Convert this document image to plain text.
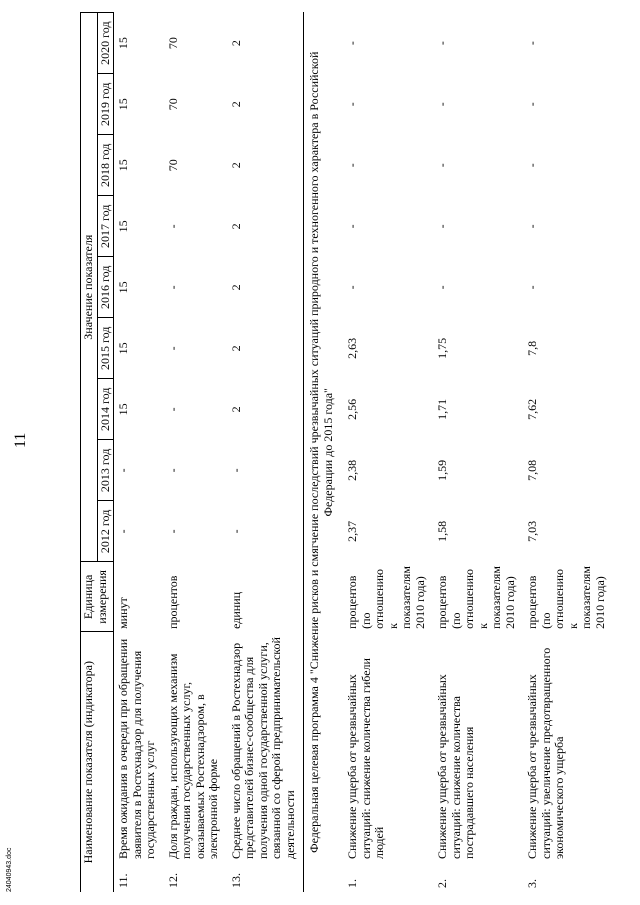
11
24040943.doc
Наименование показателя (индикатора)		Единица измерения	Значение показателя								
			2012 год	2013 год	2014 год	2015 год	2016 год	2017 год	2018 год	2019 год	2020 год
11.	Время ожидания в очереди при обращении заявителя в Ростехнадзор для получения государственных услуг	минут	-	-	15	15	15	15	15	15	15
12.	Доля граждан, использующих механизм получения государственных услуг, оказываемых Ростехнадзором, в электронной форме	процентов	-	-	-	-	-	-	70	70	70
13.	Среднее число обращений в Ростехнадзор представителей бизнес-сообщества для получения одной государственной услуги, связанной со сферой предпринимательской деятельности	единиц	-	-	2	2	2	2	2	2	2
Федеральная целевая программа 4 "Снижение рисков и смягчение последствий чрезвычайных ситуаций природного и техногенного характера в Российской Федерации до 2015 года"											
1.	Снижение ущерба от чрезвычайных ситуаций: снижение количества гибели людей	процентов (по отношению к показателям 2010 года)	2,37	2,38	2,56	2,63	-	-	-	-	-
2.	Снижение ущерба от чрезвычайных ситуаций: снижение количества пострадавшего населения	процентов (по отношению к показателям 2010 года)	1,58	1,59	1,71	1,75	-	-	-	-	-
3.	Снижение ущерба от чрезвычайных ситуаций: увеличение предотвращенного экономического ущерба	процентов (по отношению к показателям 2010 года)	7,03	7,08	7,62	7,8	-	-	-	-	-
